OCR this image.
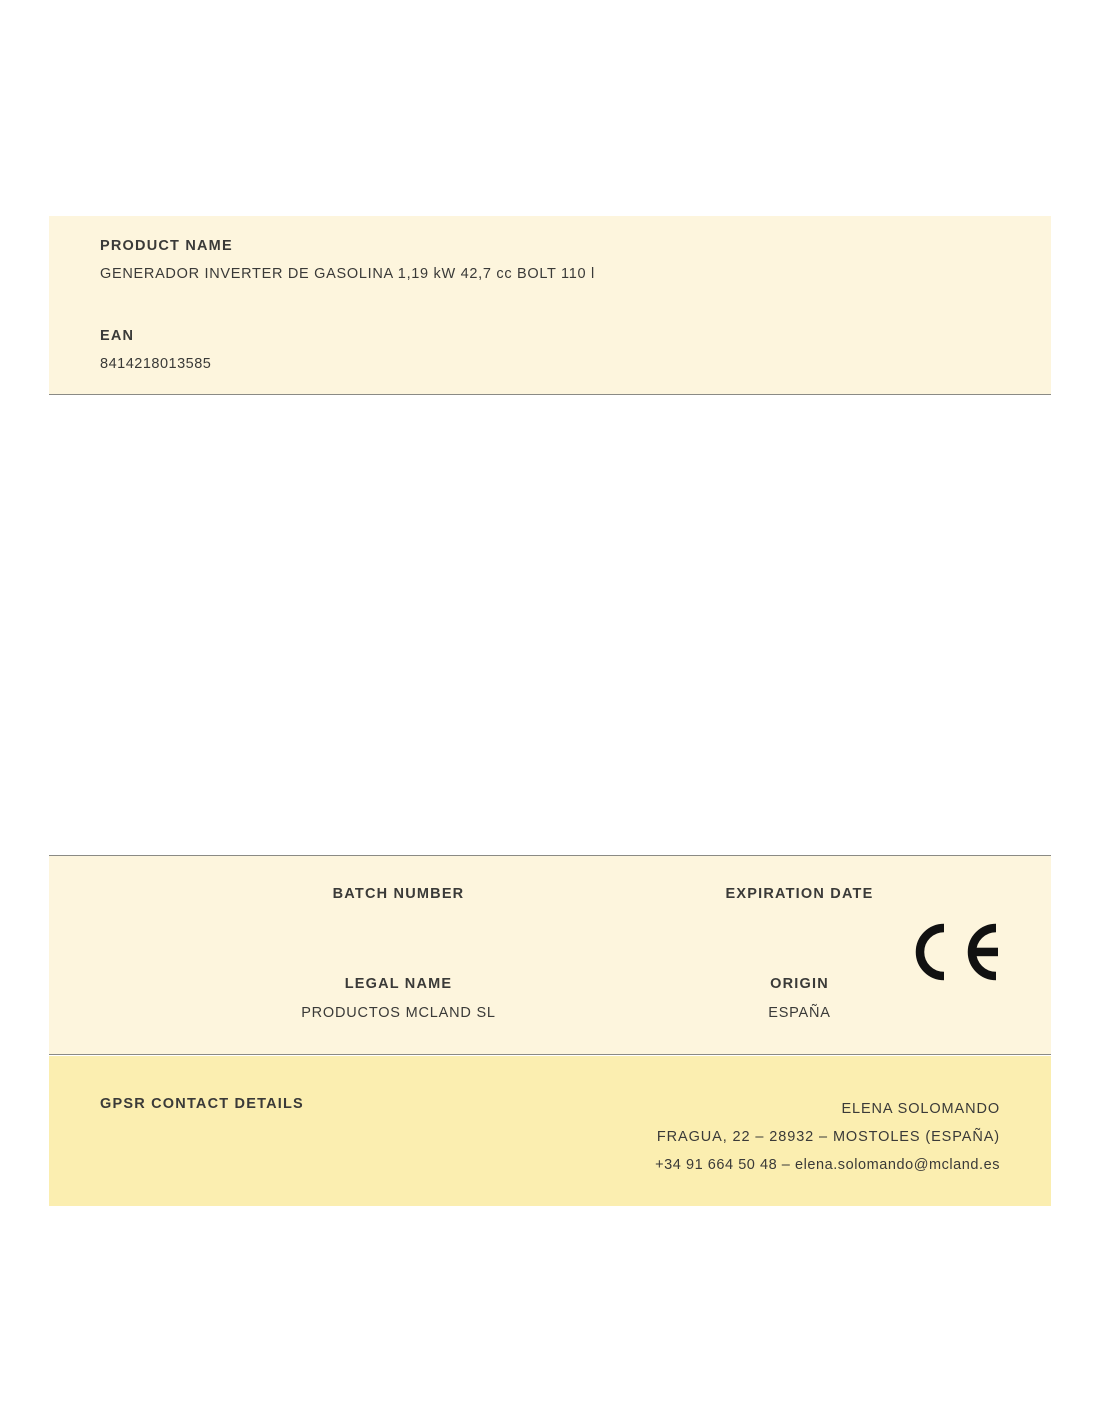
PRODUCT NAME
GENERADOR INVERTER DE GASOLINA 1,19 kW 42,7 cc BOLT 110 l
EAN
8414218013585
BATCH NUMBER	EXPIRATION DATE
LEGAL NAME
PRODUCTOS MCLAND SL
ORIGIN
ESPAÑA
GPSR CONTACT DETAILS	ELENA SOLOMANDO
FRAGUA, 22 – 28932 – MOSTOLES (ESPAÑA)
+34 91 664 50 48 – elena.solomando@mcland.es
